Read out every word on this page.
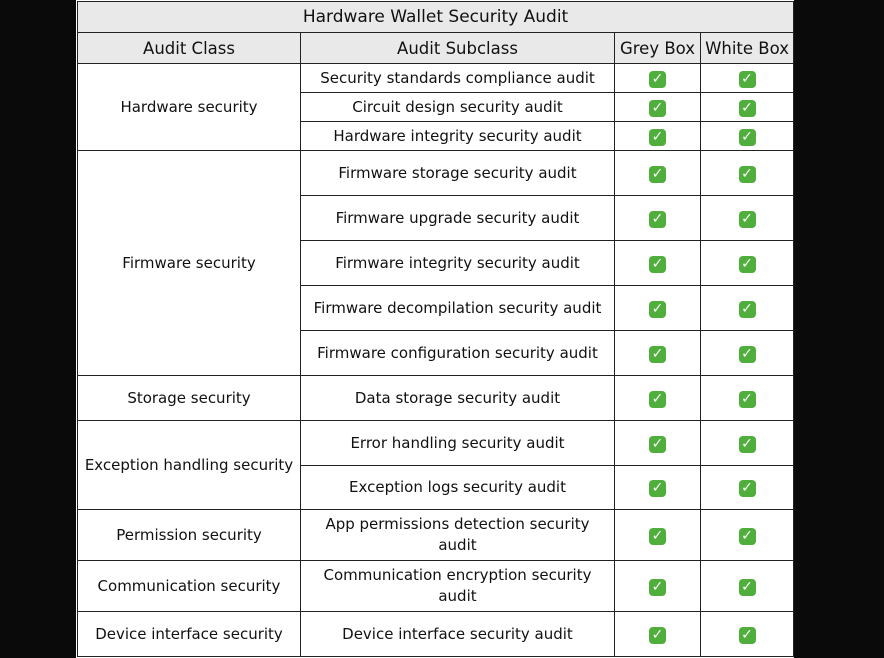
Hardware Wallet Security Audit			
Audit Class	Audit Subclass	Grey Box	White Box
Hardware security	Security standards compliance audit	✓	✓
	Circuit design security audit	✓	✓
	Hardware integrity security audit	✓	✓
Firmware security	Firmware storage security audit	✓	✓
	Firmware upgrade security audit	✓	✓
	Firmware integrity security audit	✓	✓
	Firmware decompilation security audit	✓	✓
	Firmware configuration security audit	✓	✓
Storage security	Data storage security audit	✓	✓
Exception handling security	Error handling security audit	✓	✓
	Exception logs security audit	✓	✓
Permission security	App permissions detection security audit	✓	✓
Communication security	Communication encryption security audit	✓	✓
Device interface security	Device interface security audit	✓	✓
